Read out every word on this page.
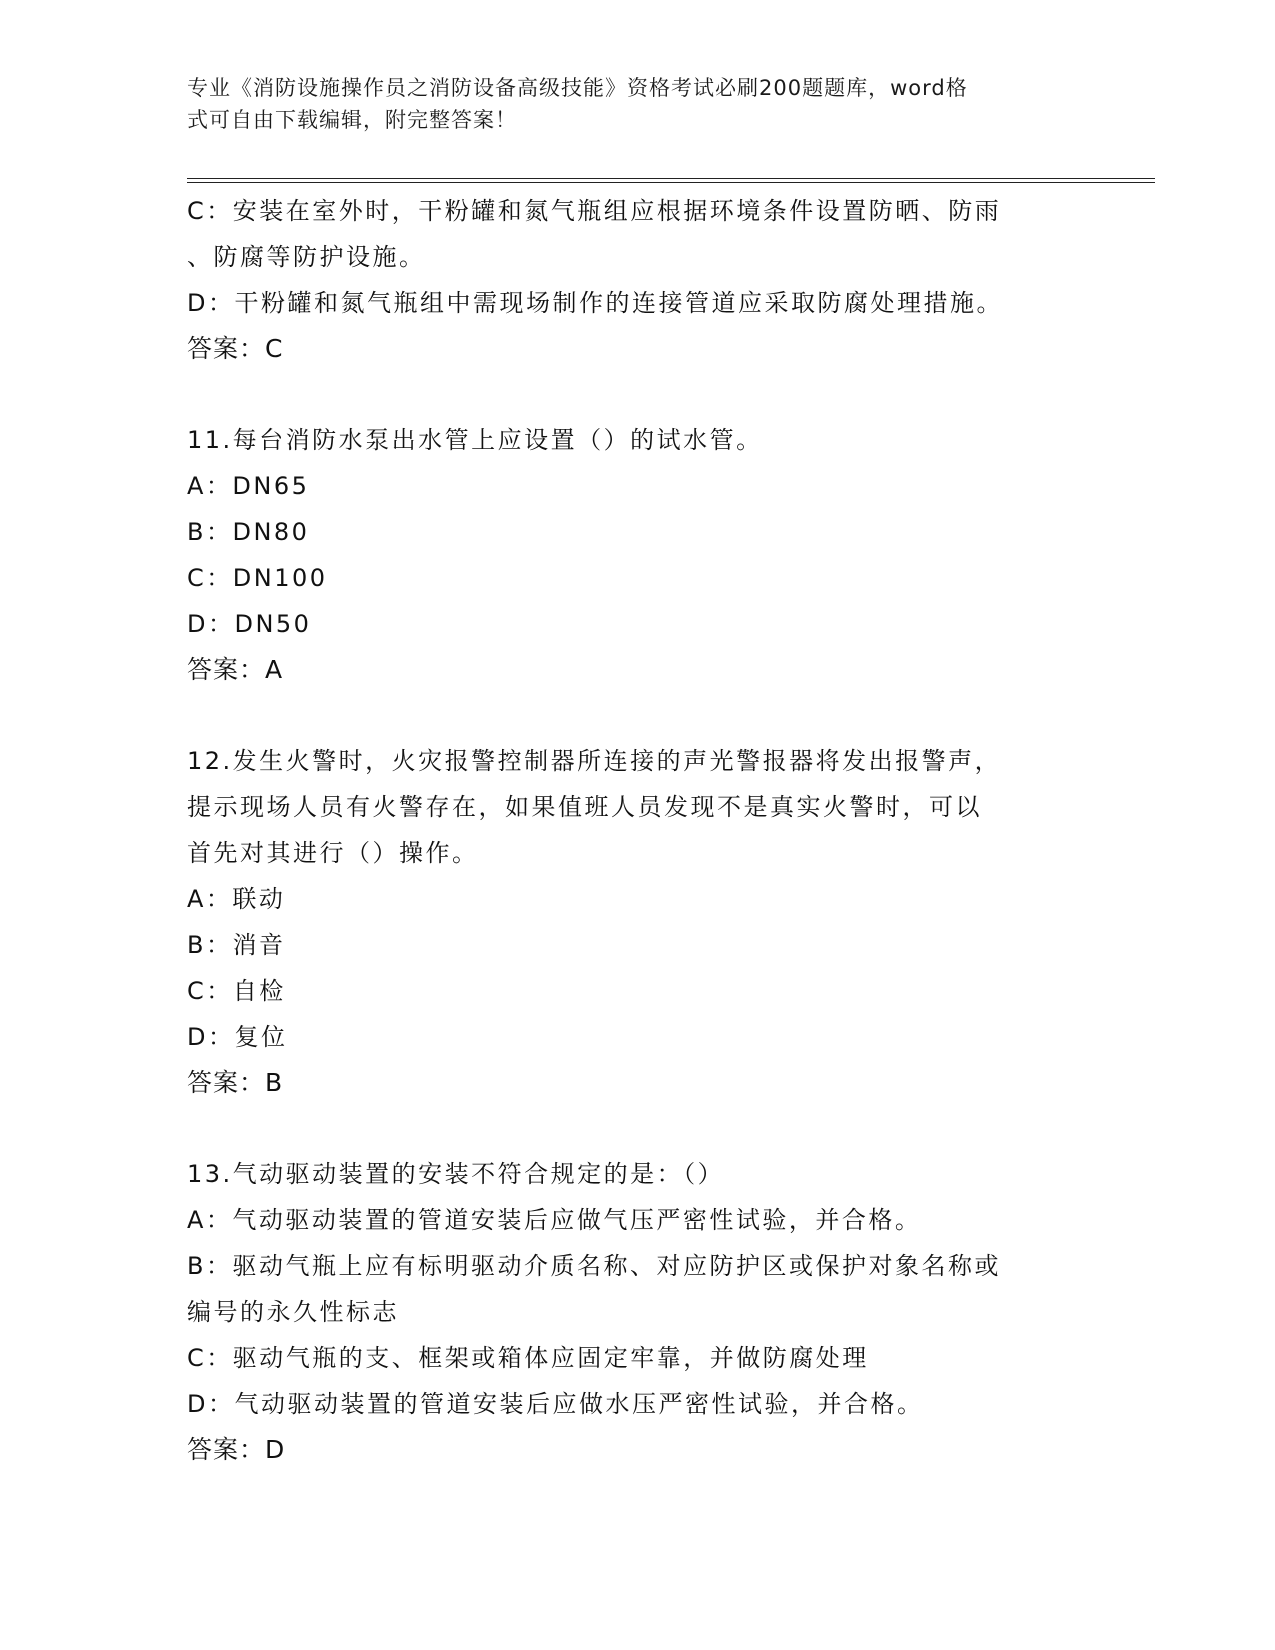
专业《消防设施操作员之消防设备高级技能》资格考试必刷200题题库，word格
式可自由下载编辑，附完整答案！
C：安装在室外时，干粉罐和氮气瓶组应根据环境条件设置防晒、防雨
、防腐等防护设施。
D：干粉罐和氮气瓶组中需现场制作的连接管道应采取防腐处理措施。
答案：C
11.每台消防水泵出水管上应设置（）的试水管。
A：DN65
B：DN80
C：DN100
D：DN50
答案：A
12.发生火警时，火灾报警控制器所连接的声光警报器将发出报警声，
提示现场人员有火警存在，如果值班人员发现不是真实火警时，可以
首先对其进行（）操作。
A：联动
B：消音
C：自检
D：复位
答案：B
13.气动驱动装置的安装不符合规定的是：（）
A：气动驱动装置的管道安装后应做气压严密性试验，并合格。
B：驱动气瓶上应有标明驱动介质名称、对应防护区或保护对象名称或
编号的永久性标志
C：驱动气瓶的支、框架或箱体应固定牢靠，并做防腐处理
D：气动驱动装置的管道安装后应做水压严密性试验，并合格。
答案：D
